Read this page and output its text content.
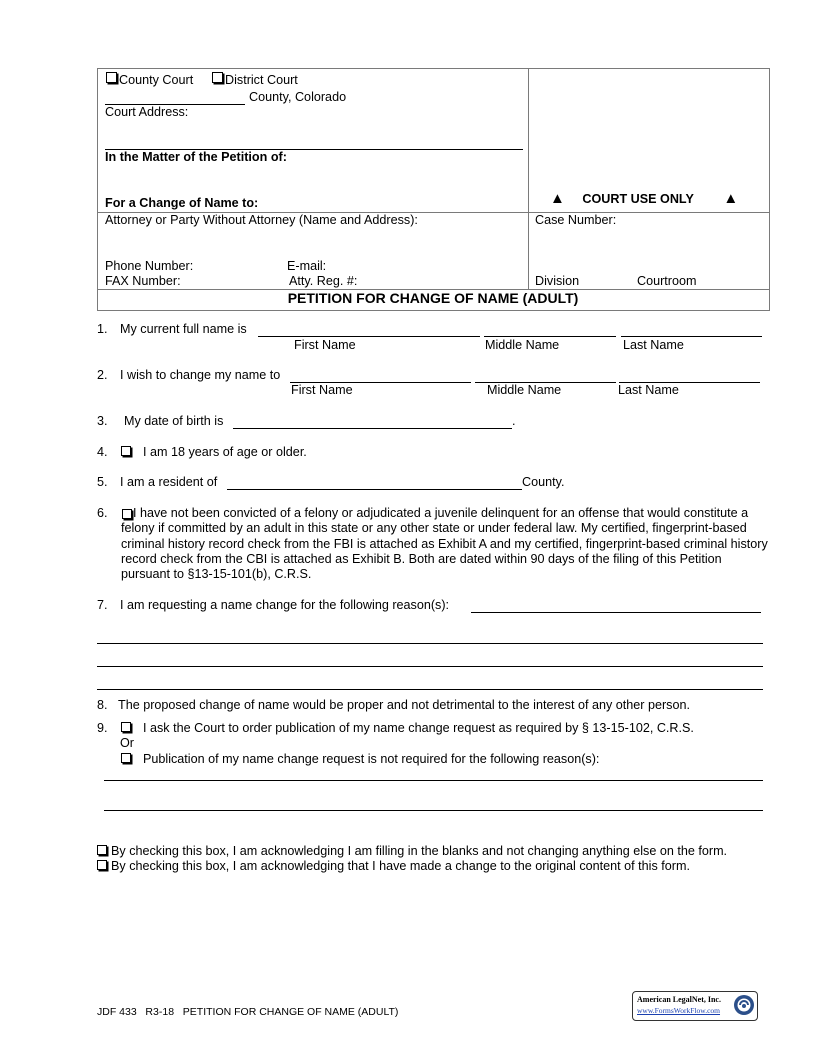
County Court	District Court
County, Colorado
Court Address:
In the Matter of the Petition of:
For a Change of Name to:	▲ COURT USE ONLY ▲
Attorney or Party Without Attorney (Name and Address):	Case Number:
Phone Number:	E-mail:
FAX Number:	Atty. Reg. #:	Division	Courtroom
PETITION FOR CHANGE OF NAME (ADULT)
1. My current full name is
First Name	Middle Name	Last Name
2. I wish to change my name to
First Name	Middle Name	Last Name
3. My date of birth is	.
4.	I am 18 years of age or older.
5. I am a resident of	County.
6.	I have not been convicted of a felony or adjudicated a juvenile delinquent for an offense that would constitute a felony if committed by an adult in this state or any other state or under federal law. My certified, fingerprint-based criminal history record check from the FBI is attached as Exhibit A and my certified, fingerprint-based criminal history record check from the CBI is attached as Exhibit B. Both are dated within 90 days of the filing of this Petition pursuant to §13-15-101(b), C.R.S.
7. I am requesting a name change for the following reason(s):
8. The proposed change of name would be proper and not detrimental to the interest of any other person.
9.	I ask the Court to order publication of my name change request as required by § 13-15-102, C.R.S.
Or
Publication of my name change request is not required for the following reason(s):
By checking this box, I am acknowledging I am filling in the blanks and not changing anything else on the form.
By checking this box, I am acknowledging that I have made a change to the original content of this form.
JDF 433   R3-18   PETITION FOR CHANGE OF NAME (ADULT)
American LegalNet, Inc.
www.FormsWorkFlow.com
